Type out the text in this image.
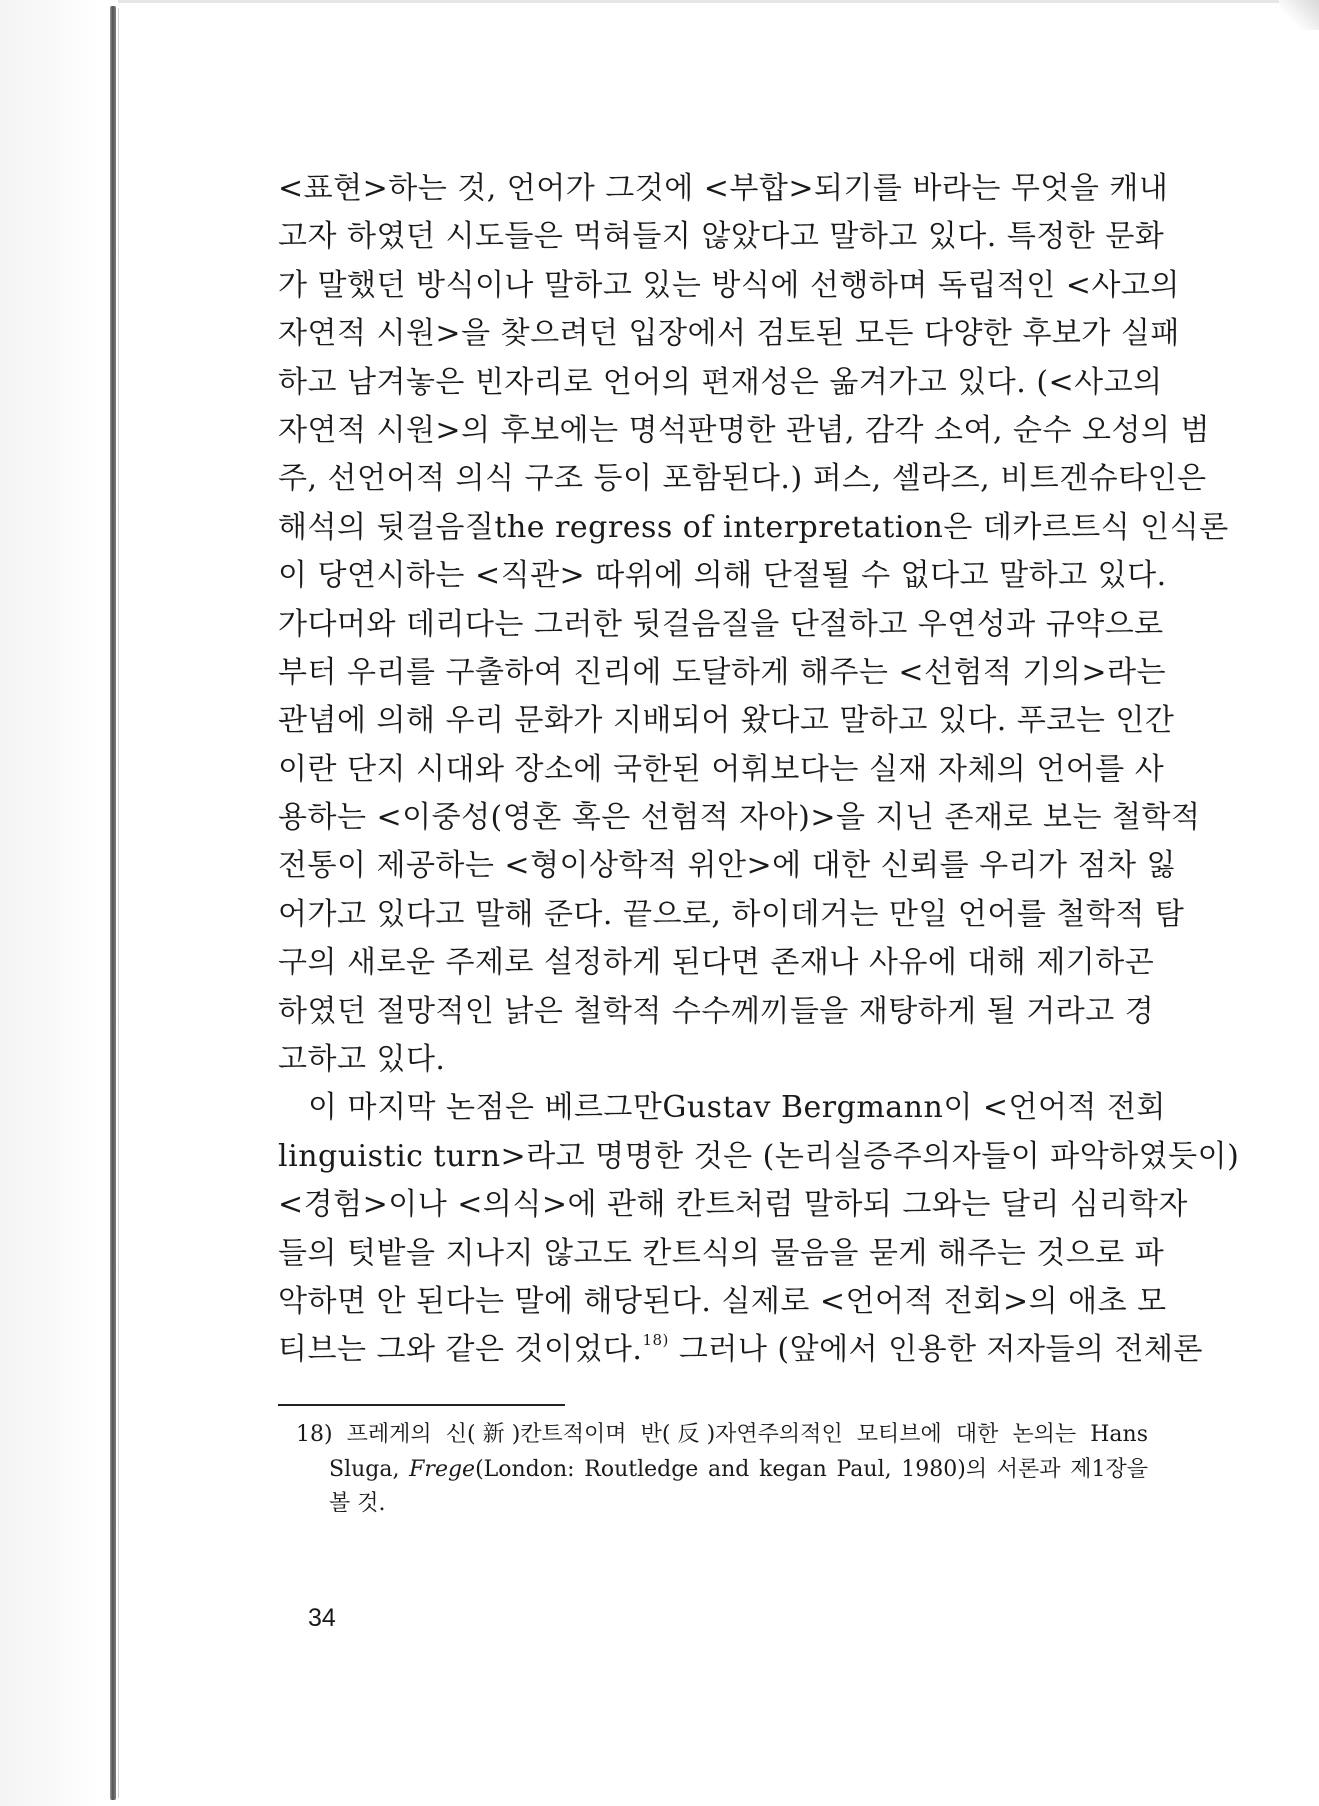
<표현>하는 것, 언어가 그것에 <부합>되기를 바라는 무엇을 캐내
고자 하였던 시도들은 먹혀들지 않았다고 말하고 있다. 특정한 문화
가 말했던 방식이나 말하고 있는 방식에 선행하며 독립적인 <사고의
자연적 시원>을 찾으려던 입장에서 검토된 모든 다양한 후보가 실패
하고 남겨놓은 빈자리로 언어의 편재성은 옮겨가고 있다. (<사고의
자연적 시원>의 후보에는 명석판명한 관념, 감각 소여, 순수 오성의 범
주, 선언어적 의식 구조 등이 포함된다.) 퍼스, 셀라즈, 비트겐슈타인은
해석의 뒷걸음질the regress of interpretation은 데카르트식 인식론
이 당연시하는 <직관> 따위에 의해 단절될 수 없다고 말하고 있다.
가다머와 데리다는 그러한 뒷걸음질을 단절하고 우연성과 규약으로
부터 우리를 구출하여 진리에 도달하게 해주는 <선험적 기의>라는
관념에 의해 우리 문화가 지배되어 왔다고 말하고 있다. 푸코는 인간
이란 단지 시대와 장소에 국한된 어휘보다는 실재 자체의 언어를 사
용하는 <이중성(영혼 혹은 선험적 자아)>을 지닌 존재로 보는 철학적
전통이 제공하는 <형이상학적 위안>에 대한 신뢰를 우리가 점차 잃
어가고 있다고 말해 준다. 끝으로, 하이데거는 만일 언어를 철학적 탐
구의 새로운 주제로 설정하게 된다면 존재나 사유에 대해 제기하곤
하였던 절망적인 낡은 철학적 수수께끼들을 재탕하게 될 거라고 경
고하고 있다.
이 마지막 논점은 베르그만Gustav Bergmann이 <언어적 전회
linguistic turn>라고 명명한 것은 (논리실증주의자들이 파악하였듯이)
<경험>이나 <의식>에 관해 칸트처럼 말하되 그와는 달리 심리학자
들의 텃밭을 지나지 않고도 칸트식의 물음을 묻게 해주는 것으로 파
악하면 안 된다는 말에 해당된다. 실제로 <언어적 전회>의 애초 모
티브는 그와 같은 것이었다.$^{18)}$ 그러나 (앞에서 인용한 저자들의 전체론
18) 프레게의 신(新)칸트적이며 반(反)자연주의적인 모티브에 대한 논의는 Hans
Sluga, Frege(London: Routledge and kegan Paul, 1980)의 서론과 제1장을
볼 것.
34
